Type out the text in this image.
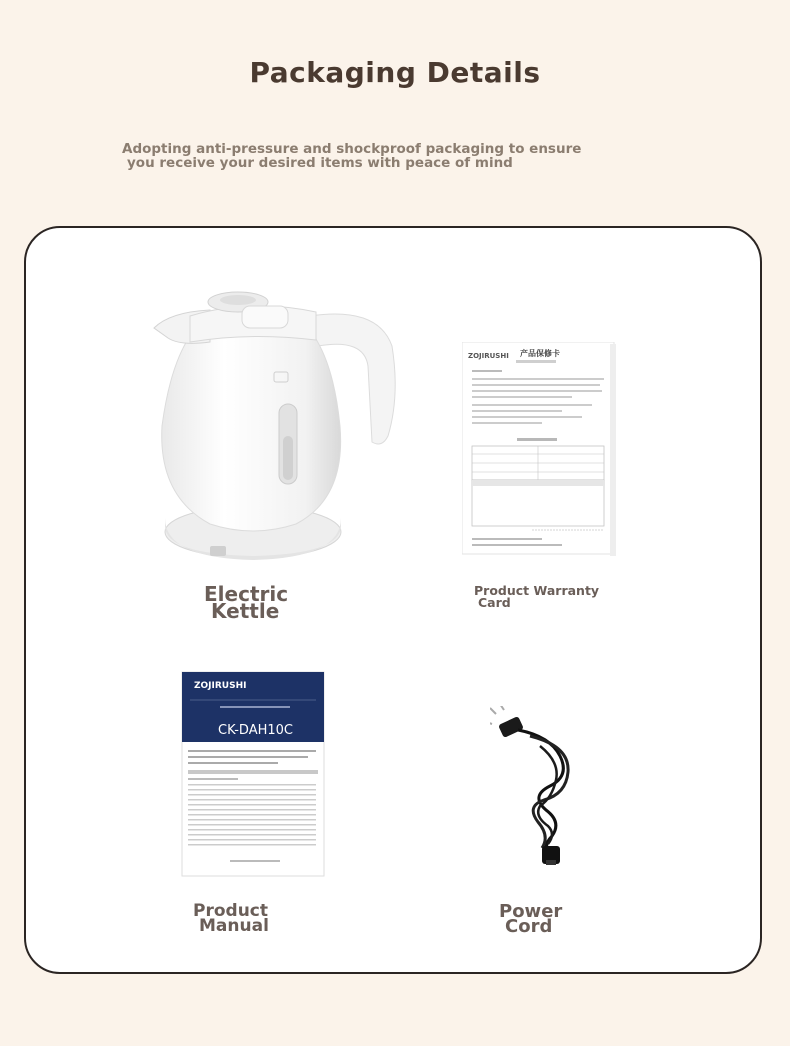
Packaging Details
Adopting anti-pressure and shockproof packaging to ensure
you receive your desired items with peace of mind
Electric
Kettle
ZOJIRUSHI 产品保修卡
Product Warranty
Card
ZOJIRUSHI
CK-DAH10C
Product
Manual
Power
Cord
